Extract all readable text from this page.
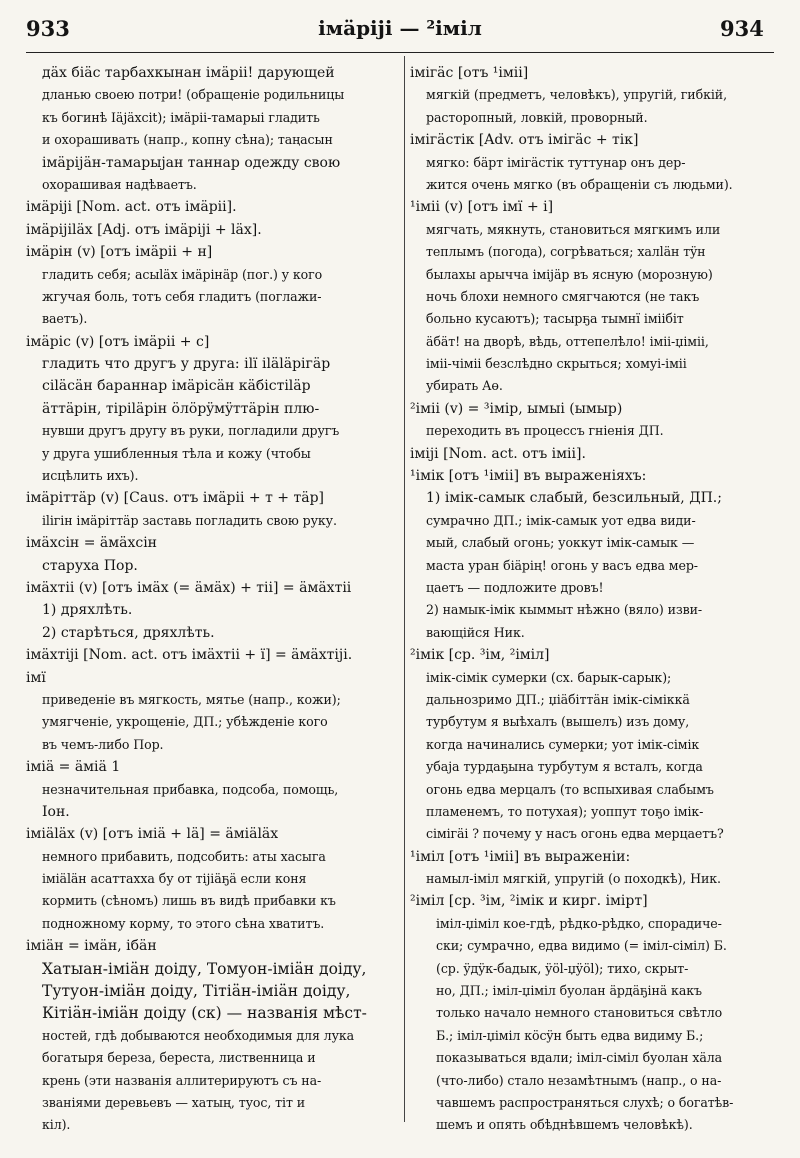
933	імäрiji — ²імiл	934
дӓх біäс тарбахкынан імäрii! дарующей
дланью своею потри! (обращеніе родильницы
къ богинѣ Іäjäхсit); імäрii-тамарыі гладить
и охорашивать (напр., копну сѣна); тaңасын
імäрijäн-тамарыjан таннар одежду свою
охорашивая надѣваетъ.
імäрiji [Nom. act. отъ імäрii].
імäрiji̇läх [Adj. отъ імäрiji + läх].
імäрiн (v) [отъ імäрii + н]
гладить себя; асыläх імäрiнäр (пог.) у кого
жгучая боль, тотъ себя гладитъ (поглажи-
ваетъ).
імäрiс (v) [отъ імäрii + с]
гладить что другъ у друга: ilï іläläрiгäр
сiläсäн бараннар імäрiсäн кäбiстiläр
äттäрiн, тiрiläрiн öлöрÿмÿттäрiн плю-
нувши другъ другу въ руки, погладили другъ
у друга ушибленныя тѣла и кожу (чтобы
исцѣлить ихъ).
імäрiттäр (v) [Caus. отъ імäрii + т + тäр]
ilігiн імäрiттäр заставь погладить свою руку.
імäхсін = äмäхсін
старуха Пор.
імäхтii (v) [отъ імäх (= äмäх) + тii] = äмäхтii
1) дряхлѣть.
2) старѣться, дряхлѣть.
імäхтiji [Nom. act. отъ імäхтii + ï] = äмäхтiji.
імï
приведеніе въ мягкость, мятье (напр., кожи);
умягченіе, укрощеніе, ДП.; убѣжденіе кого
въ чемъ-либо Пор.
імiä = äмiä 1
незначительная прибавка, подсоба, помощь,
Іон.
імiäläх (v) [отъ імiä + lä] = äмiäläх
немного прибавить, подсобить: аты хасыга
імiäläн асаттахха бу от тijiäҕä если коня
кормить (сѣномъ) лишь въ видѣ прибавки къ
подножному корму, то этого сѣна хватитъ.
імiäн = імäн, ібäн
Хатыан-імiäн доіду, Томуон-імiäн доіду,
Тутуон-імiäн доіду, Тiтiäн-імiäн доіду,
Кітiäн-імiäн доіду (ск) — названія мѣст-
ностей, гдѣ добываются необходимыя для лука
богатыря береза, береста, лиственница и
крень (эти названія аллитерируютъ съ на-
званіями деревьевъ — хатың, туос, тiт и
кiл).
імiгäс [отъ ¹імii]
мягкій (предметъ, человѣкъ), упругій, гибкій,
расторопный, ловкій, проворный.
імiгäстiк [Adv. отъ імiгäс + тiк]
мягко: бäрт імiгäстiк туттунар онъ дер-
жится очень мягко (въ обращеніи съ людьми).
¹імii (v) [отъ імï + i]
мягчать, мякнуть, становиться мягкимъ или
теплымъ (погода), согрѣваться; халläн тÿн
былахы арычча імiјäр въ ясную (морозную)
ночь блохи немного смягчаются (не такъ
больно кусаютъ); тасырҕа тымнï імiібiт
äбäт! на дворѣ, вѣдь, оттепелѣло! імii-џімii,
імii-чімii безслѣдно скрыться; хомуі-імii
убирать Аө.
²імii (v) = ³імiр, ымыі (ымыр)
переходить въ процессъ гніенія ДП.
імiji [Nom. act. отъ імii].
¹імiк [отъ ¹імii] въ выраженіяхъ:
1) імiк-самык слабый, безсильный, ДП.;
сумрачно ДП.; імiк-самык уот едва види-
мый, слабый огонь; уоккут імiк-самык —
маста уран біäрiң! огонь у васъ едва мер-
цаетъ — подложите дровъ!
2) намык-імiк кыммыт нѣжно (вяло) изви-
вающійся Ник.
²імiк [ср. ³ім, ²імiл]
імiк-сімiк сумерки (сх. барык-сарык);
дальнозримо ДП.; џiäбiттäн імiк-сімiккä
турбутум я выѣхалъ (вышелъ) изъ дому,
когда начинались сумерки; уот імiк-сімiк
убаја турдаҕына турбутум я всталъ, когда
огонь едва мерцалъ (то вспыхивая слабымъ
пламенемъ, то потухая); уоппут тоҕо імiк-
сімiгäi ? почему у насъ огонь едва мерцаетъ?
¹імiл [отъ ¹імii] въ выраженіи:
намыл-імiл мягкій, упругій (о походкѣ), Ник.
²імiл [ср. ³ім, ²імiк и кирг. імiрт]
імiл-џімiл кое-гдѣ, рѣдко-рѣдко, спорадиче-
ски; сумрачно, едва видимо (= імiл-сімiл) Б.
(ср. ÿдÿк-бадык, ÿöl-џÿöl); тихо, скрыт-
но, ДП.; імiл-џімiл буолан äрдäҕiнä какъ
только начало немного становиться свѣтло
Б.; імiл-џімiл кöсÿн быть едва видиму Б.;
показываться вдали; імiл-сімiл буолан хäла
(что-либо) стало незамѣтнымъ (напр., о на-
чавшемъ распространяться слухѣ; о богатѣв-
шемъ и опять обѣднѣвшемъ человѣкѣ).
